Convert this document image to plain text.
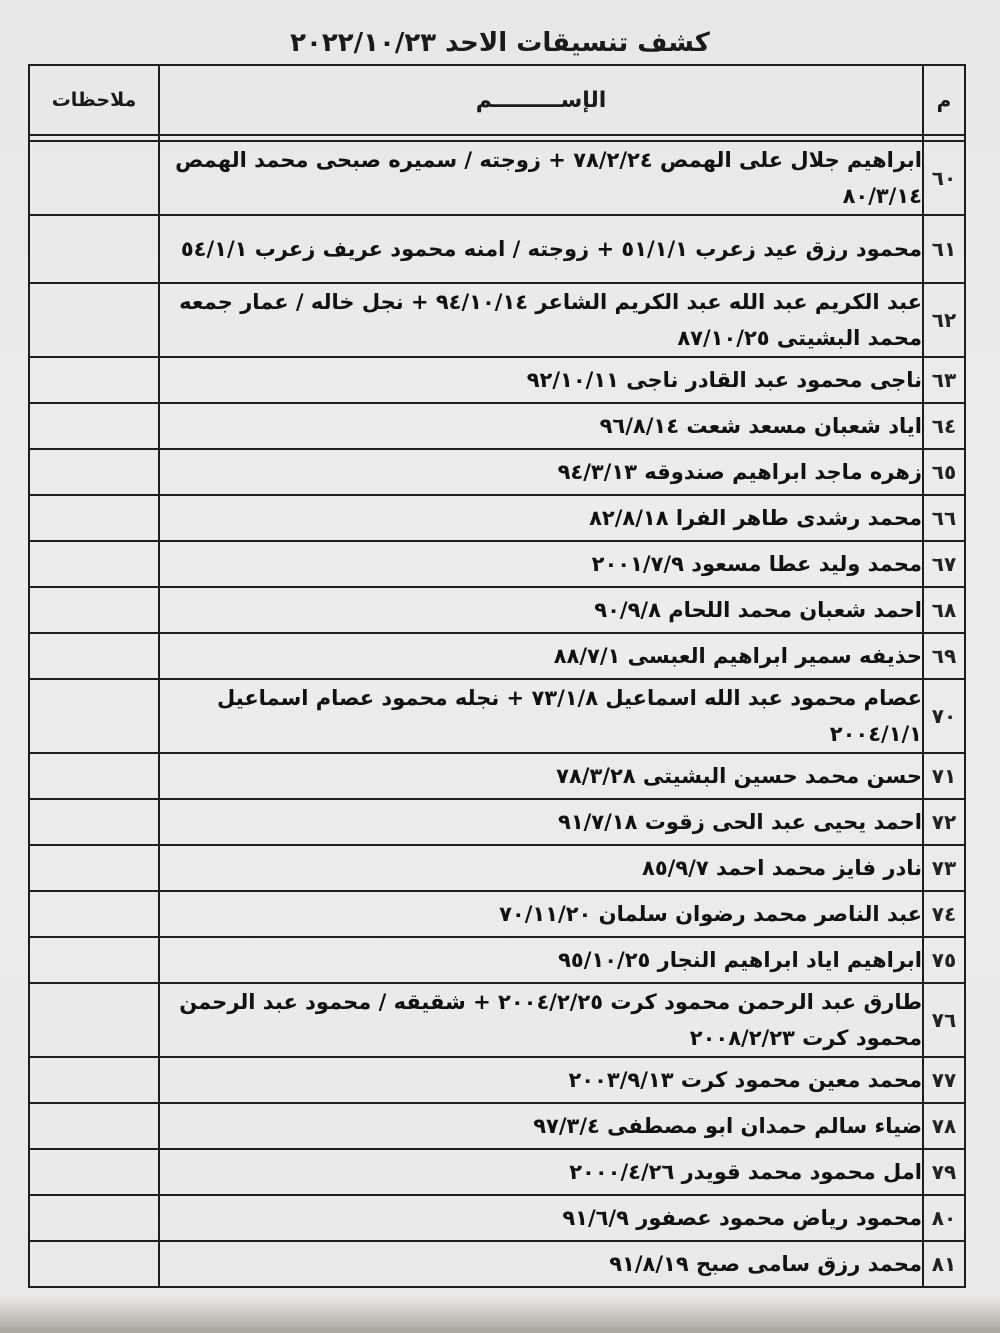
كشف تنسيقات الاحد ٢٠٢٢/١٠/٢٣
م	الإســـــــــم	ملاحظات

٦٠	ابراهيم جلال على الهمص ٧٨/٢/٢٤ + زوجته / سميره صبحى محمد الهمص ٨٠/٣/١٤	
٦١	محمود رزق عيد زعرب ٥١/١/١ + زوجته / امنه محمود عريف زعرب ٥٤/١/١	
٦٢	عبد الكريم عبد الله عبد الكريم الشاعر ٩٤/١٠/١٤ + نجل خاله / عمار جمعه محمد البشيتى ٨٧/١٠/٢٥	
٦٣	ناجى محمود عبد القادر ناجى ٩٢/١٠/١١	
٦٤	اياد شعبان مسعد شعت ٩٦/٨/١٤	
٦٥	زهره ماجد ابراهيم صندوقه ٩٤/٣/١٣	
٦٦	محمد رشدى طاهر الفرا ٨٢/٨/١٨	
٦٧	محمد وليد عطا مسعود ٢٠٠١/٧/٩	
٦٨	احمد شعبان محمد اللحام ٩٠/٩/٨	
٦٩	حذيفه سمير ابراهيم العبسى ٨٨/٧/١	
٧٠	عصام محمود عبد الله اسماعيل ٧٣/١/٨ + نجله محمود عصام اسماعيل ٢٠٠٤/١/١	
٧١	حسن محمد حسين البشيتى ٧٨/٣/٢٨	
٧٢	احمد يحيى عبد الحى زقوت ٩١/٧/١٨	
٧٣	نادر فايز محمد احمد ٨٥/٩/٧	
٧٤	عبد الناصر محمد رضوان سلمان ٧٠/١١/٢٠	
٧٥	ابراهيم اياد ابراهيم النجار ٩٥/١٠/٢٥	
٧٦	طارق عبد الرحمن محمود كرت ٢٠٠٤/٢/٢٥ + شقيقه / محمود عبد الرحمن محمود كرت ٢٠٠٨/٢/٢٣	
٧٧	محمد معين محمود كرت ٢٠٠٣/٩/١٣	
٧٨	ضياء سالم حمدان ابو مصطفى ٩٧/٣/٤	
٧٩	امل محمود محمد قويدر ٢٠٠٠/٤/٢٦	
٨٠	محمود رياض محمود عصفور ٩١/٦/٩	
٨١	محمد رزق سامى صبح ٩١/٨/١٩	
